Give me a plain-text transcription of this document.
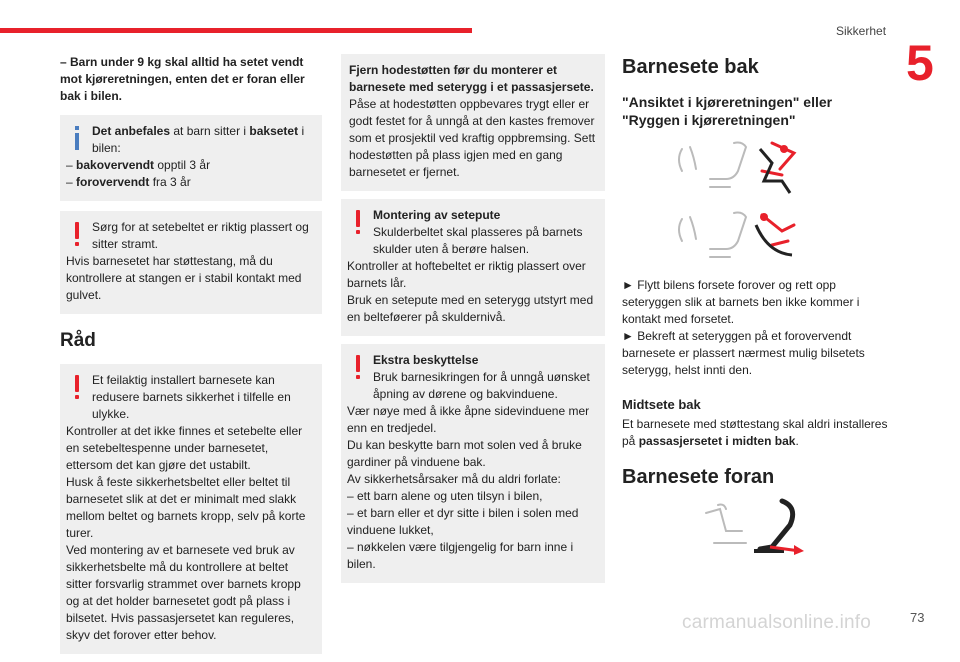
Sikkerhet
5

– Barn under 9 kg skal alltid ha setet vendt mot kjøreretningen, enten det er foran eller bak i bilen.

Det anbefales at barn sitter i baksetet i bilen:

– bakovervendt opptil 3 år

– forovervendt fra 3 år

Sørg for at setebeltet er riktig plassert og sitter stramt.

Hvis barnesetet har støttestang, må du kontrollere at stangen er i stabil kontakt med gulvet.

Råd

Et feilaktig installert barnesete kan redusere barnets sikkerhet i tilfelle en ulykke.

Kontroller at det ikke finnes et setebelte eller en setebeltespenne under barnesetet, ettersom det kan gjøre det ustabilt.

Husk å feste sikkerhetsbeltet eller beltet til barnesetet slik at det er minimalt med slakk mellom beltet og barnets kropp, selv på korte turer.

Ved montering av et barnesete ved bruk av sikkerhetsbelte må du kontrollere at beltet sitter forsvarlig strammet over barnets kropp og at det holder barnesetet godt på plass i bilsetet. Hvis passasjersetet kan reguleres, skyv det forover etter behov.

Fjern hodestøtten før du monterer et barnesete med seterygg i et passasjersete.

Påse at hodestøtten oppbevares trygt eller er godt festet for å unngå at den kastes fremover som et prosjektil ved kraftig oppbremsing. Sett hodestøtten på plass igjen med en gang barnesetet er fjernet.

Montering av setepute

Skulderbeltet skal plasseres på barnets skulder uten å berøre halsen.

Kontroller at hoftebeltet er riktig plassert over barnets lår.

Bruk en setepute med en seterygg utstyrt med en belteføerer på skuldernivå.

Ekstra beskyttelse

Bruk barnesikringen for å unngå uønsket åpning av dørene og bakvinduene.

Vær nøye med å ikke åpne sidevinduene mer enn en tredjedel.

Du kan beskytte barn mot solen ved å bruke gardiner på vinduene bak.

Av sikkerhetsårsaker må du aldri forlate:

– ett barn alene og uten tilsyn i bilen,

– et barn eller et dyr sitte i bilen i solen med vinduene lukket,

– nøkkelen være tilgjengelig for barn inne i bilen.

Barnesete bak
"Ansiktet i kjøreretningen" eller "Ryggen i kjøreretningen"

► Flytt bilens forsete forover og rett opp seteryggen slik at barnets ben ikke kommer i kontakt med forsetet.

► Bekreft at seteryggen på et forovervendt barnesete er plassert nærmest mulig bilsetets seterygg, helst innti den.

Midtsete bak

Et barnesete med støttestang skal aldri installeres på passasjersetet i midten bak.

Barnesete foran
carmanualsonline.info	73
